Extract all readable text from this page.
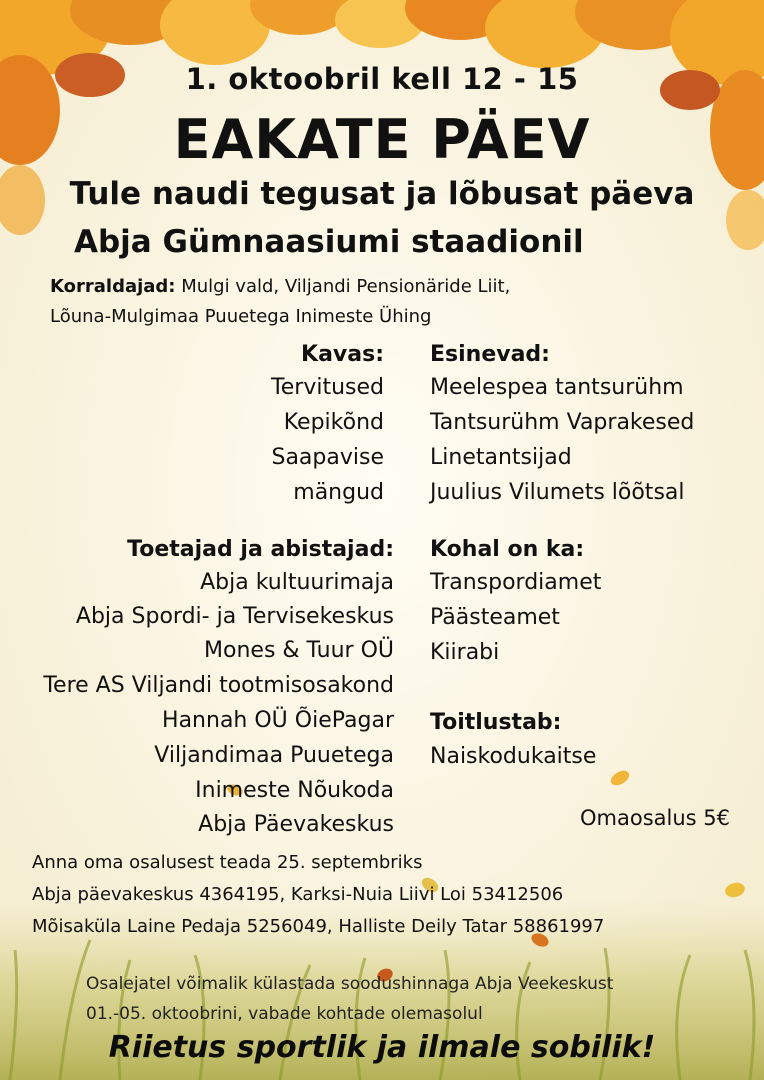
1. oktoobril kell 12 - 15

EAKATE PÄEV

Tule naudi tegusat ja lõbusat päeva

Abja Gümnaasiumi staadionil

Korraldajad: Mulgi vald, Viljandi Pensionäride Liit,

Lõuna-Mulgimaa Puuetega Inimeste Ühing

Kavas:

Tervitused

Kepikõnd

Saapavise

mängud

Esinevad:

Meelespea tantsurühm

Tantsurühm Vaprakesed

Linetantsijad

Juulius Vilumets lõõtsal

Toetajad ja abistajad:

Abja kultuurimaja

Abja Spordi- ja Tervisekeskus

Mones & Tuur OÜ

Tere AS Viljandi tootmisosakond

Hannah OÜ ÕiePagar

Viljandimaa Puuetega

Inimeste Nõukoda

Abja Päevakeskus

Kohal on ka:

Transpordiamet

Päästeamet

Kiirabi

Toitlustab:

Naiskodukaitse

Omaosalus 5€

Anna oma osalusest teada 25. septembriks

Abja päevakeskus 4364195, Karksi-Nuia Liivi Loi 53412506

Mõisaküla Laine Pedaja 5256049, Halliste Deily Tatar 58861997

Osalejatel võimalik külastada soodushinnaga Abja Veekeskust

01.-05. oktoobrini, vabade kohtade olemasolul

Riietus sportlik ja ilmale sobilik!
